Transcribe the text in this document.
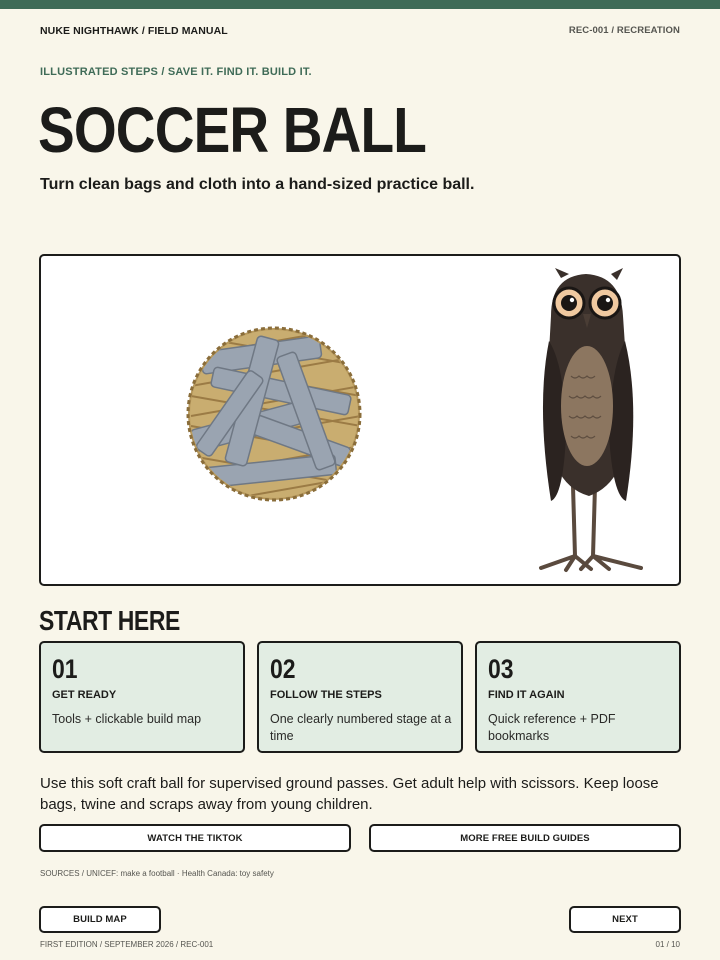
NUKE NIGHTHAWK / FIELD MANUAL	REC-001 / RECREATION
ILLUSTRATED STEPS / SAVE IT. FIND IT. BUILD IT.
SOCCER BALL
Turn clean bags and cloth into a hand-sized practice ball.
START HERE
01
GET READY
Tools + clickable build map
02
FOLLOW THE STEPS
One clearly numbered stage at a time
03
FIND IT AGAIN
Quick reference + PDF bookmarks
Use this soft craft ball for supervised ground passes. Get adult help with scissors. Keep loose bags, twine and scraps away from young children.
WATCH THE TIKTOK	MORE FREE BUILD GUIDES
SOURCES / UNICEF: make a football · Health Canada: toy safety
BUILD MAP	NEXT
FIRST EDITION / SEPTEMBER 2026 / REC-001	01 / 10
